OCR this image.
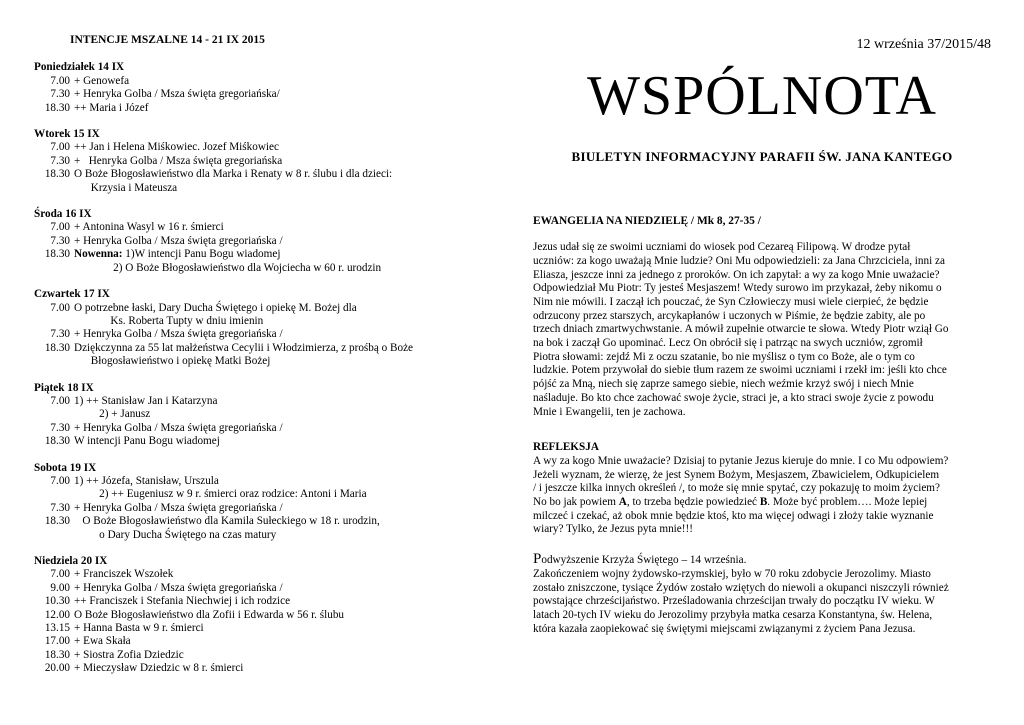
INTENCJE MSZALNE 14 - 21 IX 2015
Poniedziałek 14 IX
7.00 + Genowefa
7.30 + Henryka Golba / Msza święta gregoriańska/
18.30 ++ Maria i Józef
Wtorek 15 IX
7.00 ++ Jan i Helena Miśkowiec. Jozef Miśkowiec
7.30 +   Henryka Golba / Msza święta gregoriańska
18.30 O Boże Błogosławieństwo dla Marka i Renaty w 8 r. ślubu i dla dzieci:
Krzysia i Mateusza
Środa 16 IX
7.00 + Antonina Wasyl w 16 r. śmierci
7.30 + Henryka Golba / Msza święta gregoriańska /
18.30 Nowenna: 1)W intencji Panu Bogu wiadomej
2) O Boże Błogosławieństwo dla Wojciecha w 60 r. urodzin
Czwartek 17 IX
7.00 O potrzebne łaski, Dary Ducha Świętego i opiekę M. Bożej dla
Ks. Roberta Tupty w dniu imienin
7.30 + Henryka Golba / Msza święta gregoriańska /
18.30 Dziękczynna za 55 lat małżeństwa Cecylii i Włodzimierza, z prośbą o Boże
Błogosławieństwo i opiekę Matki Bożej
Piątek 18 IX
7.00 1) ++ Stanisław Jan i Katarzyna
2) + Janusz
7.30 + Henryka Golba / Msza święta gregoriańska /
18.30 W intencji Panu Bogu wiadomej
Sobota 19 IX
7.00 1) ++ Józefa, Stanisław, Urszula
2) ++ Eugeniusz w 9 r. śmierci oraz rodzice: Antoni i Maria
7.30 + Henryka Golba / Msza święta gregoriańska /
18.30 O Boże Błogosławieństwo dla Kamila Sułeckiego w 18 r. urodzin,
o Dary Ducha Świętego na czas matury
Niedziela 20 IX
7.00 + Franciszek Wszołek
9.00 + Henryka Golba / Msza święta gregoriańska /
10.30 ++ Franciszek i Stefania Niechwiej i ich rodzice
12.00 O Boże Błogosławieństwo dla Zofii i Edwarda w 56 r. ślubu
13.15 + Hanna Basta w 9 r. śmierci
17.00 + Ewa Skała
18.30 + Siostra Zofia Dziedzic
20.00 + Mieczysław Dziedzic w 8 r. śmierci
12 września 37/2015/48
WSPÓLNOTA
BIULETYN INFORMACYJNY PARAFII ŚW. JANA KANTEGO
EWANGELIA NA NIEDZIELĘ / Mk 8, 27-35 /
Jezus udał się ze swoimi uczniami do wiosek pod Cezareą Filipową. W drodze pytał
uczniów: za kogo uważają Mnie ludzie? Oni Mu odpowiedzieli: za Jana Chrzciciela, inni za
Eliasza, jeszcze inni za jednego z proroków. On ich zapytał: a wy za kogo Mnie uważacie?
Odpowiedział Mu Piotr: Ty jesteś Mesjaszem! Wtedy surowo im przykazał, żeby nikomu o
Nim nie mówili. I zaczął ich pouczać, że Syn Człowieczy musi wiele cierpieć, że będzie
odrzucony przez starszych, arcykapłanów i uczonych w Piśmie, że będzie zabity, ale po
trzech dniach zmartwychwstanie. A mówił zupełnie otwarcie te słowa. Wtedy Piotr wziął Go
na bok i zaczął Go upominać. Lecz On obrócił się i patrząc na swych uczniów, zgromił
Piotra słowami: zejdź Mi z oczu szatanie, bo nie myślisz o tym co Boże, ale o tym co
ludzkie. Potem przywołał do siebie tłum razem ze swoimi uczniami i rzekł im: jeśli kto chce
pójść za Mną, niech się zaprze samego siebie, niech weźmie krzyż swój i niech Mnie
naśladuje. Bo kto chce zachować swoje życie, straci je, a kto straci swoje życie z powodu
Mnie i Ewangelii, ten je zachowa.
REFLEKSJA
A wy za kogo Mnie uważacie? Dzisiaj to pytanie Jezus kieruje do mnie. I co Mu odpowiem?
Jeżeli wyznam, że wierzę, że jest Synem Bożym, Mesjaszem, Zbawicielem, Odkupicielem
/ i jeszcze kilka innych określeń /, to może się mnie spytać, czy pokazuję to moim życiem?
No bo jak powiem A, to trzeba będzie powiedzieć B. Może być problem…. Może lepiej
milczeć i czekać, aż obok mnie będzie ktoś, kto ma więcej odwagi i złoży takie wyznanie
wiary? Tylko, że Jezus pyta mnie!!!
Podwyższenie Krzyża Świętego – 14 września.
Zakończeniem wojny żydowsko-rzymskiej, było w 70 roku zdobycie Jerozolimy. Miasto
zostało zniszczone, tysiące Żydów zostało wziętych do niewoli a okupanci niszczyli również
powstające chrześcijaństwo. Prześladowania chrześcijan trwały do początku IV wieku. W
latach 20-tych IV wieku do Jerozolimy przybyła matka cesarza Konstantyna, św. Helena,
która kazała zaopiekować się świętymi miejscami związanymi z życiem Pana Jezusa.
